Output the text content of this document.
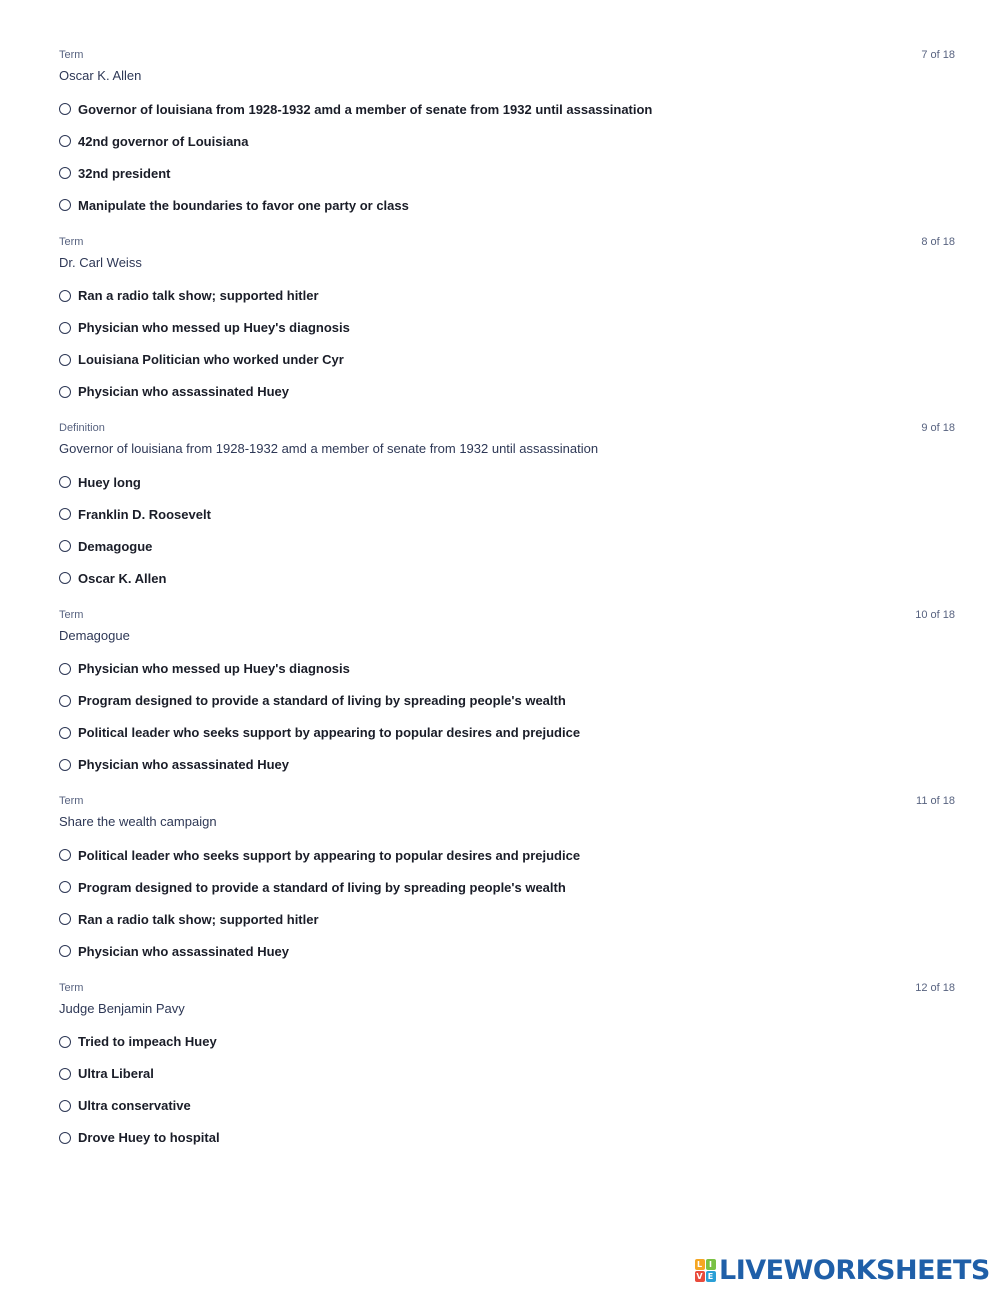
Term	7 of 18
Oscar K. Allen
Governor of louisiana from 1928-1932 amd a member of senate from 1932 until assassination
42nd governor of Louisiana
32nd president
Manipulate the boundaries to favor one party or class
Term	8 of 18
Dr. Carl Weiss
Ran a radio talk show; supported hitler
Physician who messed up Huey's diagnosis
Louisiana Politician who worked under Cyr
Physician who assassinated Huey
Definition	9 of 18
Governor of louisiana from 1928-1932 amd a member of senate from 1932 until assassination
Huey long
Franklin D. Roosevelt
Demagogue
Oscar K. Allen
Term	10 of 18
Demagogue
Physician who messed up Huey's diagnosis
Program designed to provide a standard of living by spreading people's wealth
Political leader who seeks support by appearing to popular desires and prejudice
Physician who assassinated Huey
Term	11 of 18
Share the wealth campaign
Political leader who seeks support by appearing to popular desires and prejudice
Program designed to provide a standard of living by spreading people's wealth
Ran a radio talk show; supported hitler
Physician who assassinated Huey
Term	12 of 18
Judge Benjamin Pavy
Tried to impeach Huey
Ultra Liberal
Ultra conservative
Drove Huey to hospital
L I
V E LIVEWORKSHEETS
